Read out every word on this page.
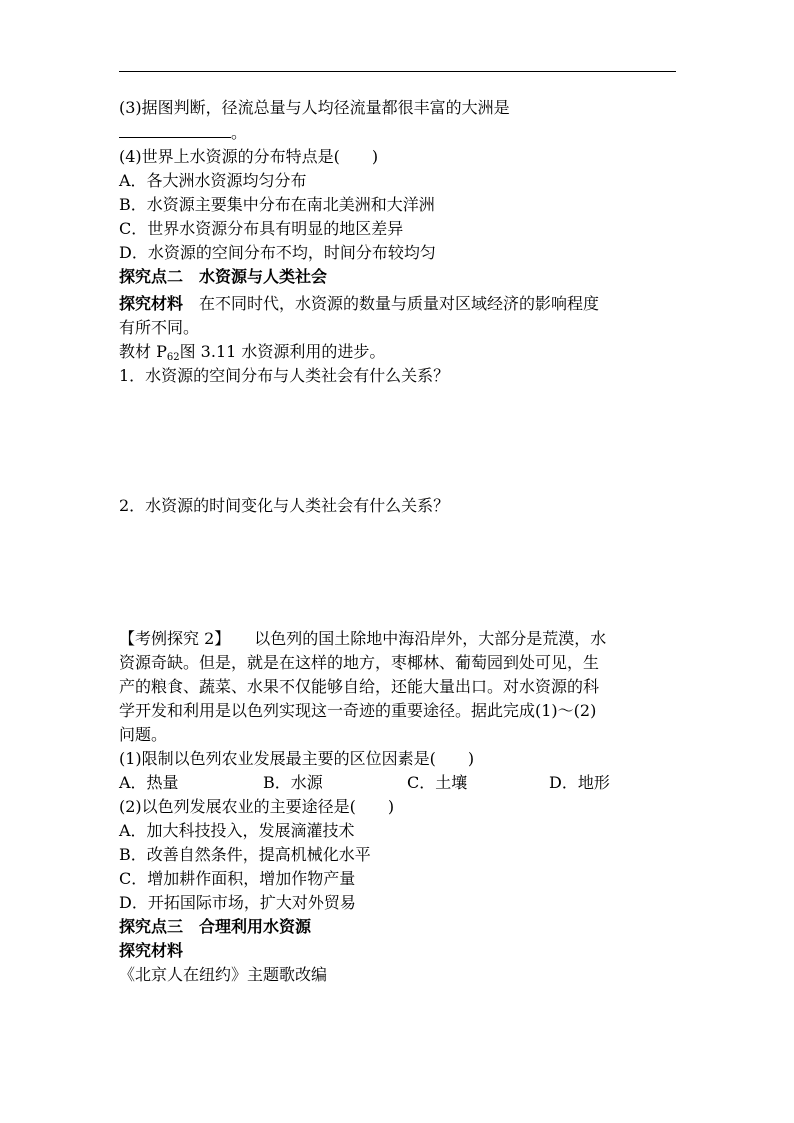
(3)据图判断，径流总量与人均径流量都很丰富的大洲是
。
(4)世界上水资源的分布特点是(　　)
A．各大洲水资源均匀分布
B．水资源主要集中分布在南北美洲和大洋洲
C．世界水资源分布具有明显的地区差异
D．水资源的空间分布不均，时间分布较均匀
探究点二　水资源与人类社会
探究材料　 在不同时代，水资源的数量与质量对区域经济的影响程度
有所不同。
教材 $P_{62}$图 3.11 水资源利用的进步。
1．水资源的空间分布与人类社会有什么关系？
2．水资源的时间变化与人类社会有什么关系？
【考例探究 2】 以色列的国土除地中海沿岸外，大部分是荒漠，水
资源奇缺。但是，就是在这样的地方，枣椰林、葡萄园到处可见，生
产的粮食、蔬菜、水果不仅能够自给，还能大量出口。对水资源的科
学开发和利用是以色列实现这一奇迹的重要途径。据此完成(1)～(2)
问题。
(1)限制以色列农业发展最主要的区位因素是(　　)
A．热量	B．水源	C．土壤	D．地形
(2)以色列发展农业的主要途径是(　　)
A．加大科技投入，发展滴灌技术
B．改善自然条件，提高机械化水平
C．增加耕作面积，增加作物产量
D．开拓国际市场，扩大对外贸易
探究点三　合理利用水资源
探究材料
《北京人在纽约》主题歌改编
